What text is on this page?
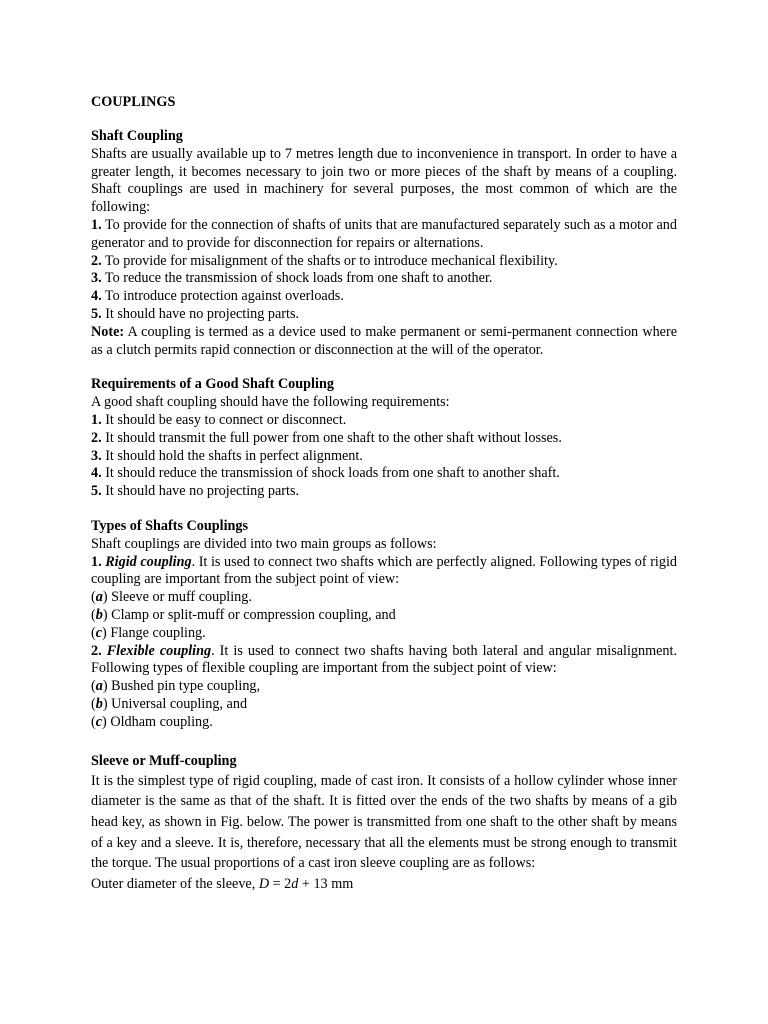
COUPLINGS

Shaft Coupling

Shafts are usually available up to 7 metres length due to inconvenience in transport. In order to have a greater length, it becomes necessary to join two or more pieces of the shaft by means of a coupling. Shaft couplings are used in machinery for several purposes, the most common of which are the following:

1. To provide for the connection of shafts of units that are manufactured separately such as a motor and generator and to provide for disconnection for repairs or alternations.

2. To provide for misalignment of the shafts or to introduce mechanical flexibility.

3. To reduce the transmission of shock loads from one shaft to another.

4. To introduce protection against overloads.

5. It should have no projecting parts.

Note: A coupling is termed as a device used to make permanent or semi-permanent connection where as a clutch permits rapid connection or disconnection at the will of the operator.

Requirements of a Good Shaft Coupling

A good shaft coupling should have the following requirements:

1. It should be easy to connect or disconnect.

2. It should transmit the full power from one shaft to the other shaft without losses.

3. It should hold the shafts in perfect alignment.

4. It should reduce the transmission of shock loads from one shaft to another shaft.

5. It should have no projecting parts.

Types of Shafts Couplings

Shaft couplings are divided into two main groups as follows:

1. Rigid coupling. It is used to connect two shafts which are perfectly aligned. Following types of rigid coupling are important from the subject point of view:

(a) Sleeve or muff coupling.

(b) Clamp or split-muff or compression coupling, and

(c) Flange coupling.

2. Flexible coupling. It is used to connect two shafts having both lateral and angular misalignment. Following types of flexible coupling are important from the subject point of view:

(a) Bushed pin type coupling,

(b) Universal coupling, and

(c) Oldham coupling.

Sleeve or Muff-coupling

It is the simplest type of rigid coupling, made of cast iron. It consists of a hollow cylinder whose inner diameter is the same as that of the shaft. It is fitted over the ends of the two shafts by means of a gib head key, as shown in Fig. below. The power is transmitted from one shaft to the other shaft by means of a key and a sleeve. It is, therefore, necessary that all the elements must be strong enough to transmit the torque. The usual proportions of a cast iron sleeve coupling are as follows:

Outer diameter of the sleeve, D = 2d + 13 mm
